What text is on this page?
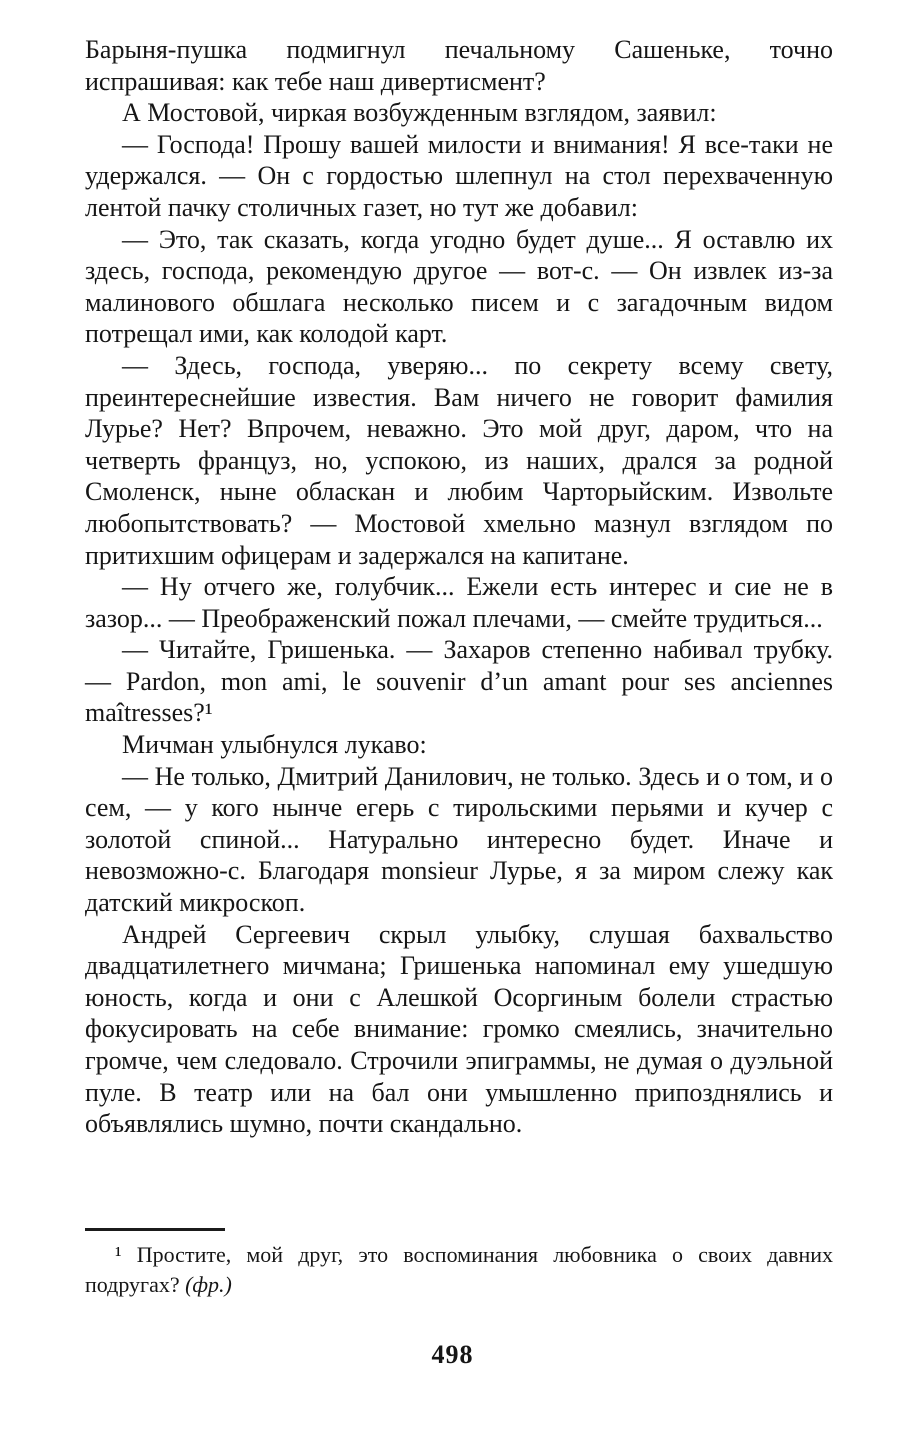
Барыня-пушка подмигнул печальному Сашеньке, точно испрашивая: как тебе наш дивертисмент?

А Мостовой, чиркая возбужденным взглядом, заявил:

— Господа! Прошу вашей милости и внимания! Я все-таки не удержался. — Он с гордостью шлепнул на стол перехваченную лентой пачку столичных газет, но тут же добавил:

— Это, так сказать, когда угодно будет душе... Я оставлю их здесь, господа, рекомендую другое — вот-с. — Он извлек из-за малинового обшлага несколько писем и с загадочным видом потрещал ими, как колодой карт.

— Здесь, господа, уверяю... по секрету всему свету, преинтереснейшие известия. Вам ничего не говорит фамилия Лурье? Нет? Впрочем, неважно. Это мой друг, даром, что на четверть француз, но, успокою, из наших, дрался за родной Смоленск, ныне обласкан и любим Чарторыйским. Извольте любопытствовать? — Мостовой хмельно мазнул взглядом по притихшим офицерам и задержался на капитане.

— Ну отчего же, голубчик... Ежели есть интерес и сие не в зазор... — Преображенский пожал плечами, — смейте трудиться...

— Читайте, Гришенька. — Захаров степенно набивал трубку. — Pardon, mon ami, le souvenir d’un amant pour ses anciennes maîtresses?¹

Мичман улыбнулся лукаво:

— Не только, Дмитрий Данилович, не только. Здесь и о том, и о сем, — у кого нынче егерь с тирольскими перьями и кучер с золотой спиной... Натурально интересно будет. Иначе и невозможно-с. Благодаря monsieur Лурье, я за миром слежу как датский микроскоп.

Андрей Сергеевич скрыл улыбку, слушая бахвальство двадцатилетнего мичмана; Гришенька напоминал ему ушедшую юность, когда и они с Алешкой Осоргиным болели страстью фокусировать на себе внимание: громко смеялись, значительно громче, чем следовало. Строчили эпиграммы, не думая о дуэльной пуле. В театр или на бал они умышленно припозднялись и объявлялись шумно, почти скандально.

¹ Простите, мой друг, это воспоминания любовника о своих давних подругах? (фр.)

498
